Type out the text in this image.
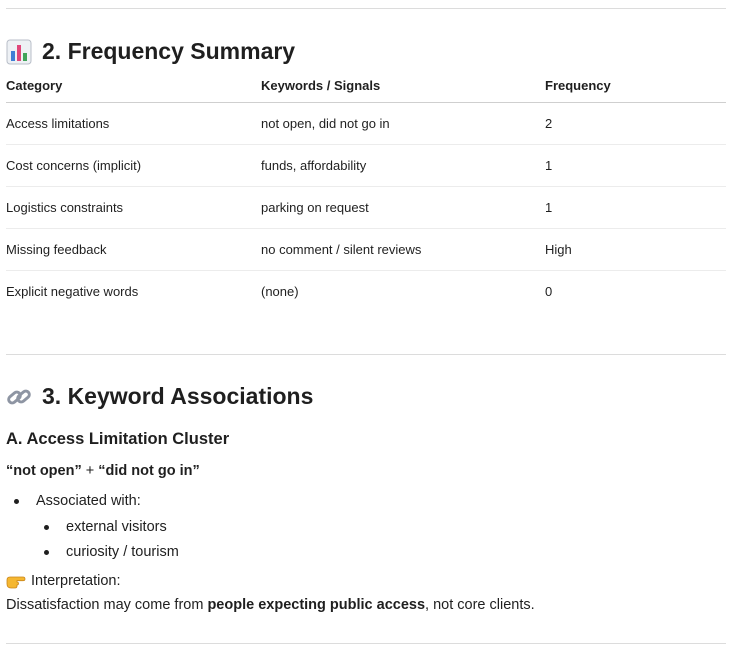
2. Frequency Summary
Category	Keywords / Signals	Frequency
Access limitations	not open, did not go in	2
Cost concerns (implicit)	funds, affordability	1
Logistics constraints	parking on request	1
Missing feedback	no comment / silent reviews	High
Explicit negative words	(none)	0
3. Keyword Associations
A. Access Limitation Cluster
“not open” + “did not go in”
Associated with:
external visitors
curiosity / tourism
Interpretation:
Dissatisfaction may come from people expecting public access, not core clients.
